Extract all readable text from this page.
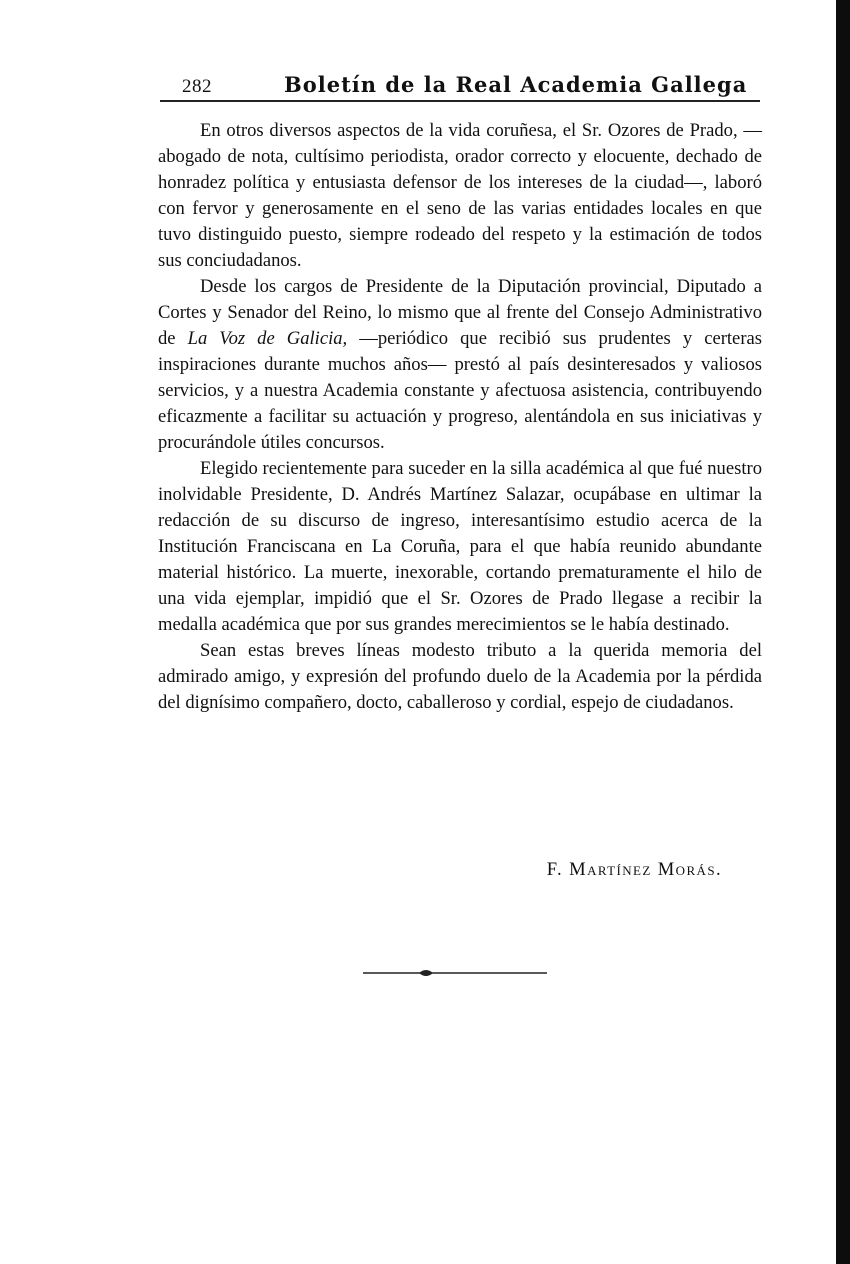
282	Boletín de la Real Academia Gallega

En otros diversos aspectos de la vida coruñesa, el Sr. Ozores de Prado, —abogado de nota, cultísimo periodista, orador correcto y elocuente, dechado de honradez política y entusiasta defensor de los intereses de la ciudad—, laboró con fervor y generosamente en el seno de las varias entidades locales en que tuvo distinguido puesto, siempre rodeado del respeto y la estimación de todos sus conciudadanos.

Desde los cargos de Presidente de la Diputación provincial, Diputado a Cortes y Senador del Reino, lo mismo que al frente del Consejo Administrativo de La Voz de Galicia, —periódico que recibió sus prudentes y certeras inspiraciones durante muchos años— prestó al país desinteresados y valiosos servicios, y a nuestra Academia constante y afectuosa asistencia, contribuyendo eficazmente a facilitar su actuación y progreso, alentándola en sus iniciativas y procurándole útiles concursos.

Elegido recientemente para suceder en la silla académica al que fué nuestro inolvidable Presidente, D. Andrés Martínez Salazar, ocupábase en ultimar la redacción de su discurso de ingreso, interesantísimo estudio acerca de la Institución Franciscana en La Coruña, para el que había reunido abundante material histórico. La muerte, inexorable, cortando prematuramente el hilo de una vida ejemplar, impidió que el Sr. Ozores de Prado llegase a recibir la medalla académica que por sus grandes merecimientos se le había destinado.

Sean estas breves líneas modesto tributo a la querida memoria del admirado amigo, y expresión del profundo duelo de la Academia por la pérdida del dignísimo compañero, docto, caballeroso y cordial, espejo de ciudadanos.

F. Martínez Morás.
